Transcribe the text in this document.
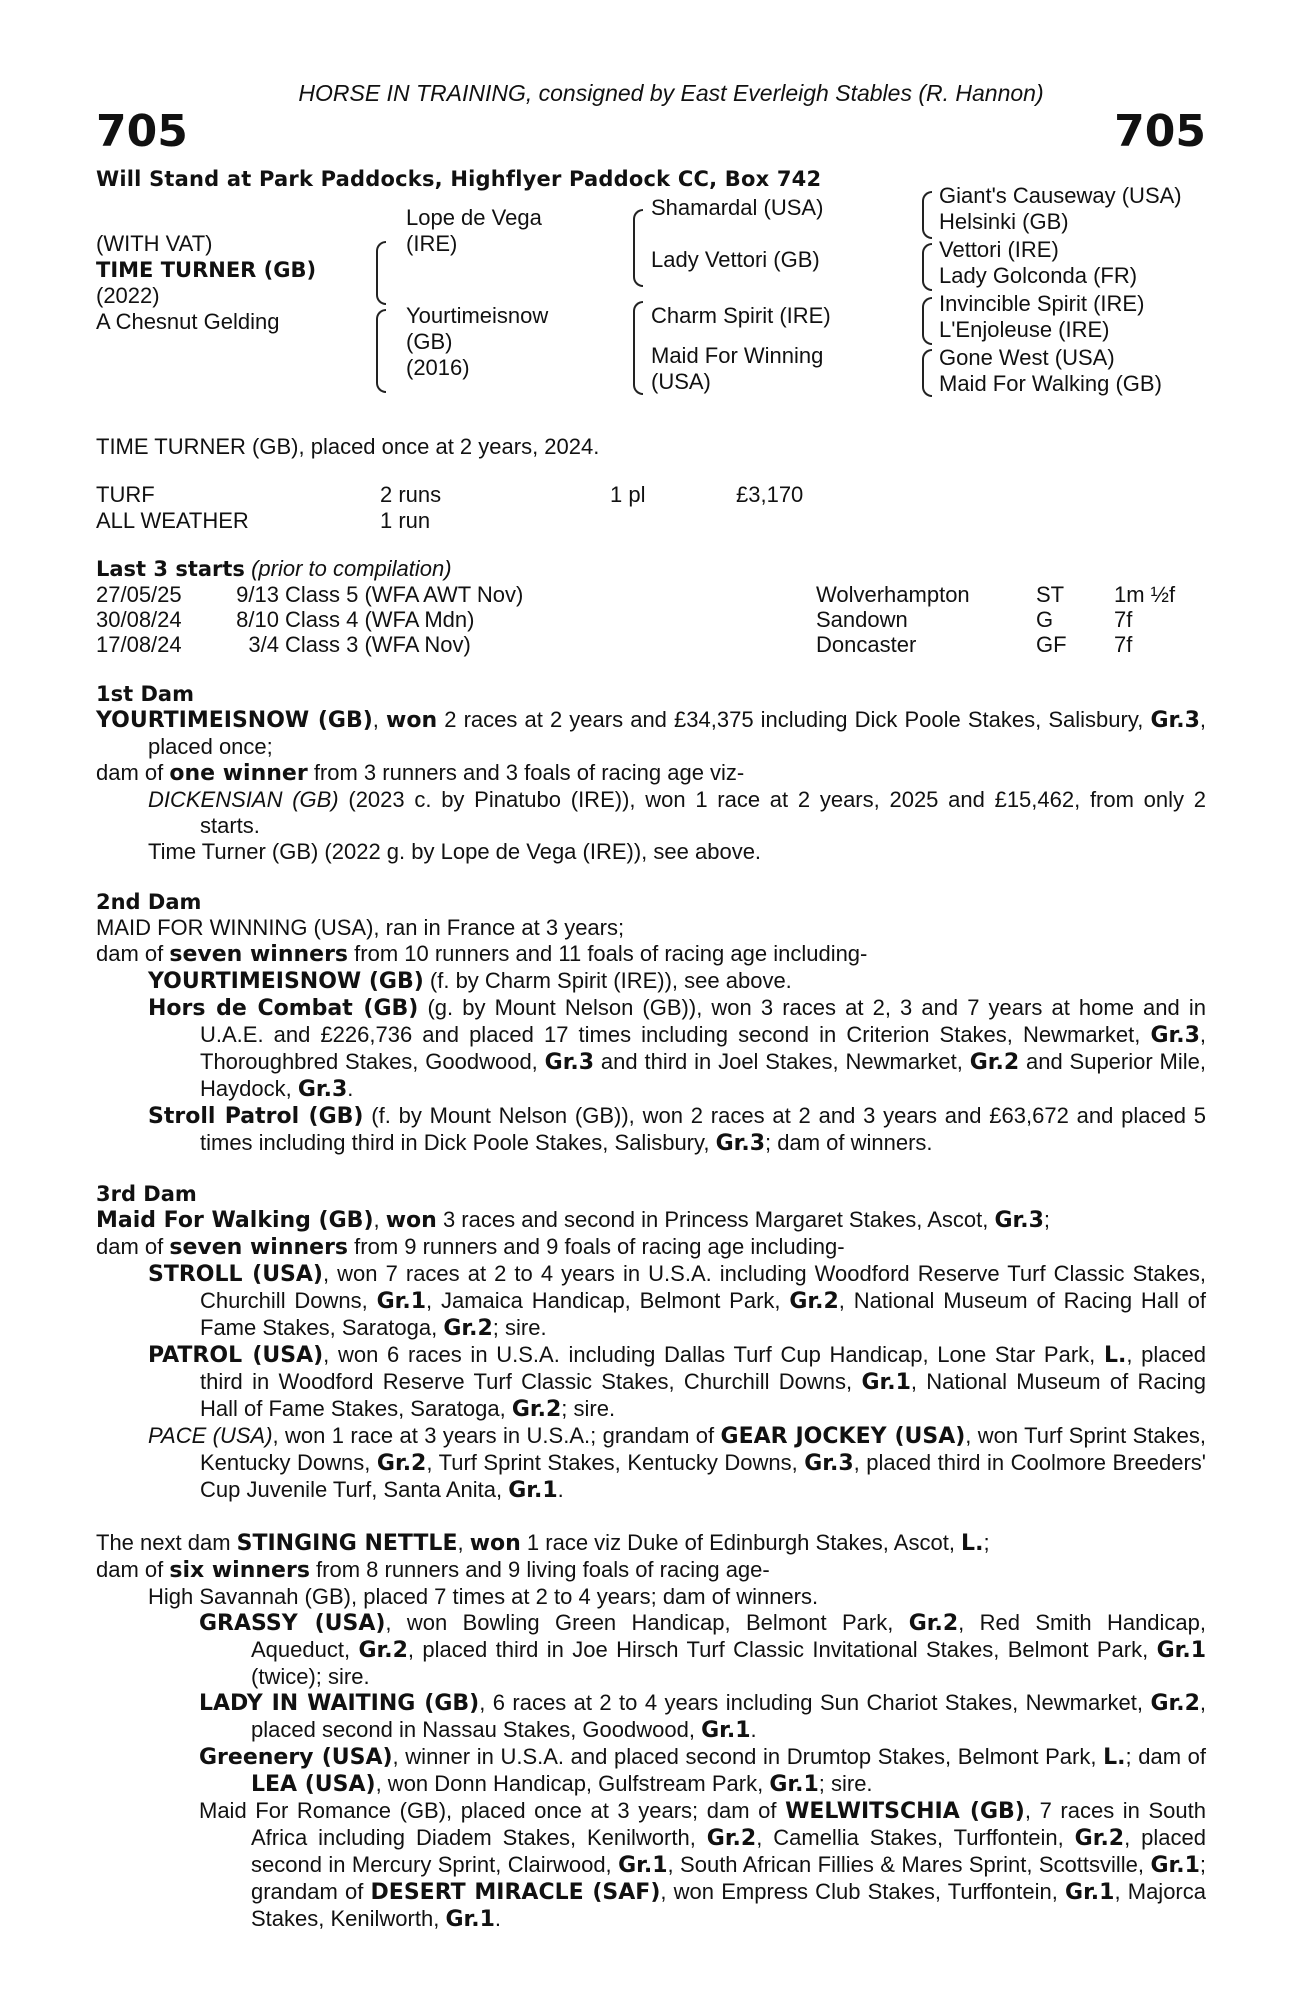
HORSE IN TRAINING, consigned by East Everleigh Stables (R. Hannon)
705	705
Will Stand at Park Paddocks, Highflyer Paddock CC, Box 742
(WITH VAT)
TIME TURNER (GB)
(2022)
A Chesnut Gelding
Lope de Vega
(IRE)
Yourtimeisnow
(GB)
(2016)
Shamardal (USA)
Lady Vettori (GB)
Charm Spirit (IRE)
Maid For Winning
(USA)
Giant's Causeway (USA)
Helsinki (GB)
Vettori (IRE)
Lady Golconda (FR)
Invincible Spirit (IRE)
L'Enjoleuse (IRE)
Gone West (USA)
Maid For Walking (GB)
TIME TURNER (GB), placed once at 2 years, 2024.
TURF	2 runs	1 pl	£3,170
ALL WEATHER	1 run
Last 3 starts (prior to compilation)
27/05/25	9/13 Class 5 (WFA AWT Nov)	Wolverhampton	ST	1m ½f
30/08/24	8/10 Class 4 (WFA Mdn)	Sandown	G	7f
17/08/24	3/4 Class 3 (WFA Nov)	Doncaster	GF	7f
1st Dam
YOURTIMEISNOW (GB), won 2 races at 2 years and £34,375 including Dick Poole Stakes, Salisbury, Gr.3, placed once;
dam of one winner from 3 runners and 3 foals of racing age viz-
DICKENSIAN (GB) (2023 c. by Pinatubo (IRE)), won 1 race at 2 years, 2025 and £15,462, from only 2 starts.
Time Turner (GB) (2022 g. by Lope de Vega (IRE)), see above.
2nd Dam
MAID FOR WINNING (USA), ran in France at 3 years;
dam of seven winners from 10 runners and 11 foals of racing age including-
YOURTIMEISNOW (GB) (f. by Charm Spirit (IRE)), see above.
Hors de Combat (GB) (g. by Mount Nelson (GB)), won 3 races at 2, 3 and 7 years at home and in U.A.E. and £226,736 and placed 17 times including second in Criterion Stakes, Newmarket, Gr.3, Thoroughbred Stakes, Goodwood, Gr.3 and third in Joel Stakes, Newmarket, Gr.2 and Superior Mile, Haydock, Gr.3.
Stroll Patrol (GB) (f. by Mount Nelson (GB)), won 2 races at 2 and 3 years and £63,672 and placed 5 times including third in Dick Poole Stakes, Salisbury, Gr.3; dam of winners.
3rd Dam
Maid For Walking (GB), won 3 races and second in Princess Margaret Stakes, Ascot, Gr.3;
dam of seven winners from 9 runners and 9 foals of racing age including-
STROLL (USA), won 7 races at 2 to 4 years in U.S.A. including Woodford Reserve Turf Classic Stakes, Churchill Downs, Gr.1, Jamaica Handicap, Belmont Park, Gr.2, National Museum of Racing Hall of Fame Stakes, Saratoga, Gr.2; sire.
PATROL (USA), won 6 races in U.S.A. including Dallas Turf Cup Handicap, Lone Star Park, L., placed third in Woodford Reserve Turf Classic Stakes, Churchill Downs, Gr.1, National Museum of Racing Hall of Fame Stakes, Saratoga, Gr.2; sire.
PACE (USA), won 1 race at 3 years in U.S.A.; grandam of GEAR JOCKEY (USA), won Turf Sprint Stakes, Kentucky Downs, Gr.2, Turf Sprint Stakes, Kentucky Downs, Gr.3, placed third in Coolmore Breeders' Cup Juvenile Turf, Santa Anita, Gr.1.
The next dam STINGING NETTLE, won 1 race viz Duke of Edinburgh Stakes, Ascot, L.;
dam of six winners from 8 runners and 9 living foals of racing age-
High Savannah (GB), placed 7 times at 2 to 4 years; dam of winners.
GRASSY (USA), won Bowling Green Handicap, Belmont Park, Gr.2, Red Smith Handicap, Aqueduct, Gr.2, placed third in Joe Hirsch Turf Classic Invitational Stakes, Belmont Park, Gr.1 (twice); sire.
LADY IN WAITING (GB), 6 races at 2 to 4 years including Sun Chariot Stakes, Newmarket, Gr.2, placed second in Nassau Stakes, Goodwood, Gr.1.
Greenery (USA), winner in U.S.A. and placed second in Drumtop Stakes, Belmont Park, L.; dam of LEA (USA), won Donn Handicap, Gulfstream Park, Gr.1; sire.
Maid For Romance (GB), placed once at 3 years; dam of WELWITSCHIA (GB), 7 races in South Africa including Diadem Stakes, Kenilworth, Gr.2, Camellia Stakes, Turffontein, Gr.2, placed second in Mercury Sprint, Clairwood, Gr.1, South African Fillies & Mares Sprint, Scottsville, Gr.1; grandam of DESERT MIRACLE (SAF), won Empress Club Stakes, Turffontein, Gr.1, Majorca Stakes, Kenilworth, Gr.1.
